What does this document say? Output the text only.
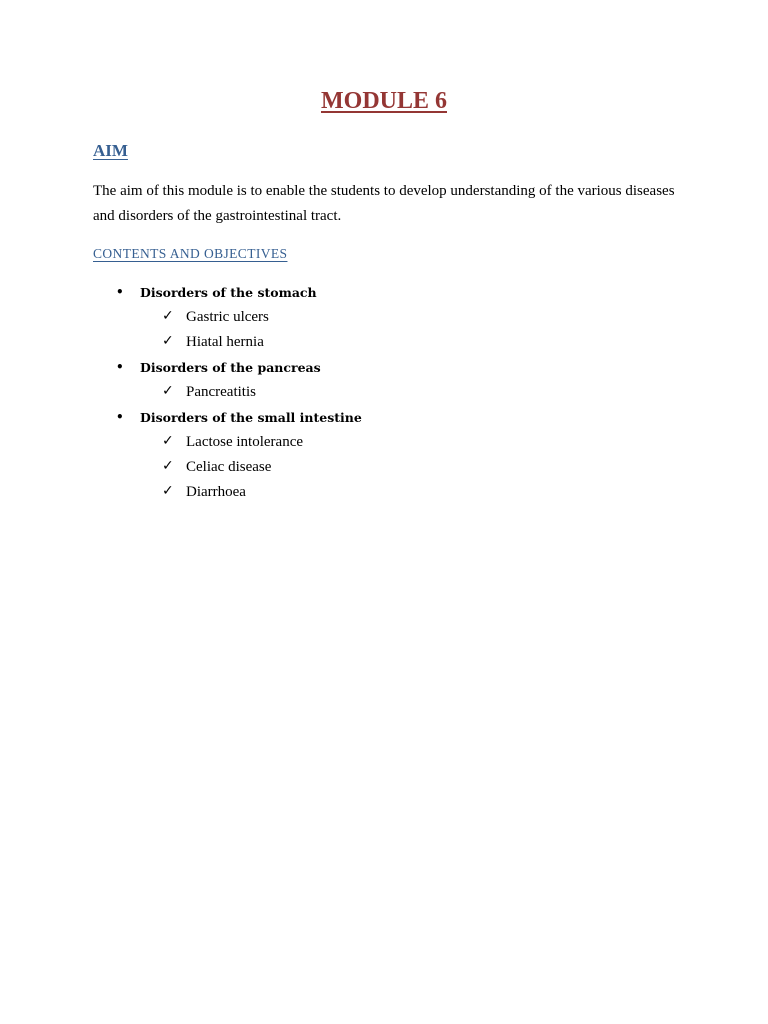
MODULE 6
AIM
The aim of this module is to enable the students to develop understanding of the various diseases and disorders of the gastrointestinal tract.
CONTENTS AND OBJECTIVES
• Disorders of the stomach
✓ Gastric ulcers
✓ Hiatal hernia
• Disorders of the pancreas
✓ Pancreatitis
• Disorders of the small intestine
✓ Lactose intolerance
✓ Celiac disease
✓ Diarrhoea
